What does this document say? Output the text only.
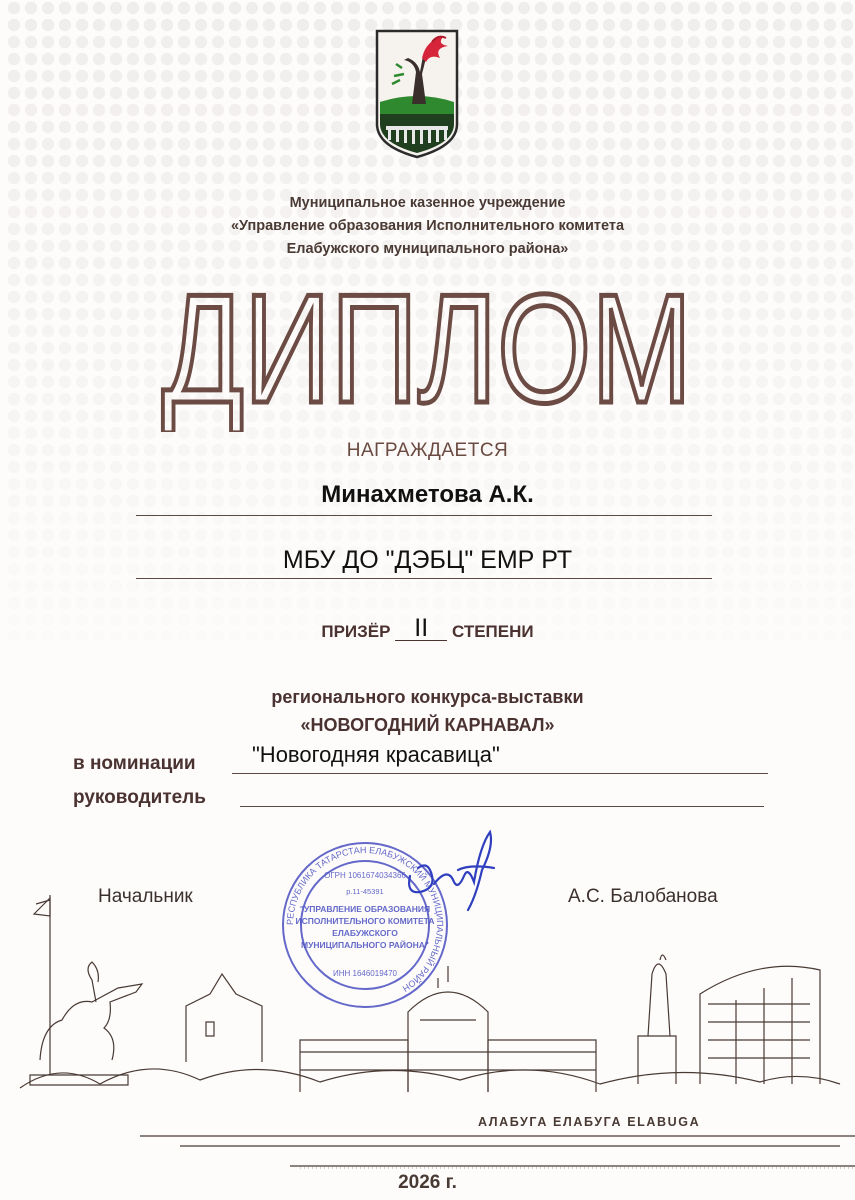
Муниципальное казенное учреждение
«Управление образования Исполнительного комитета
Елабужского муниципального района»
ДИПЛОМ
НАГРАЖДАЕТСЯ
Минахметова А.К.
МБУ ДО "ДЭБЦ" ЕМР РТ
ПРИЗЁР II СТЕПЕНИ
регионального конкурса-выставки
«НОВОГОДНИЙ КАРНАВАЛ»
в номинации	"Новогодняя красавица"
руководитель
Начальник	А.С. Балобанова
РЕСПУБЛИКА ТАТАРСТАН ЕЛАБУЖСКИЙ МУНИЦИПАЛЬНЫЙ РАЙОН
ОГРН 1061674034366
р.11-45391
"УПРАВЛЕНИЕ ОБРАЗОВАНИЯ
ИСПОЛНИТЕЛЬНОГО КОМИТЕТА
ЕЛАБУЖСКОГО
МУНИЦИПАЛЬНОГО РАЙОНА"
ИНН 1646019470
АЛАБУГА ЕЛАБУГА ELABUGA
2026 г.
